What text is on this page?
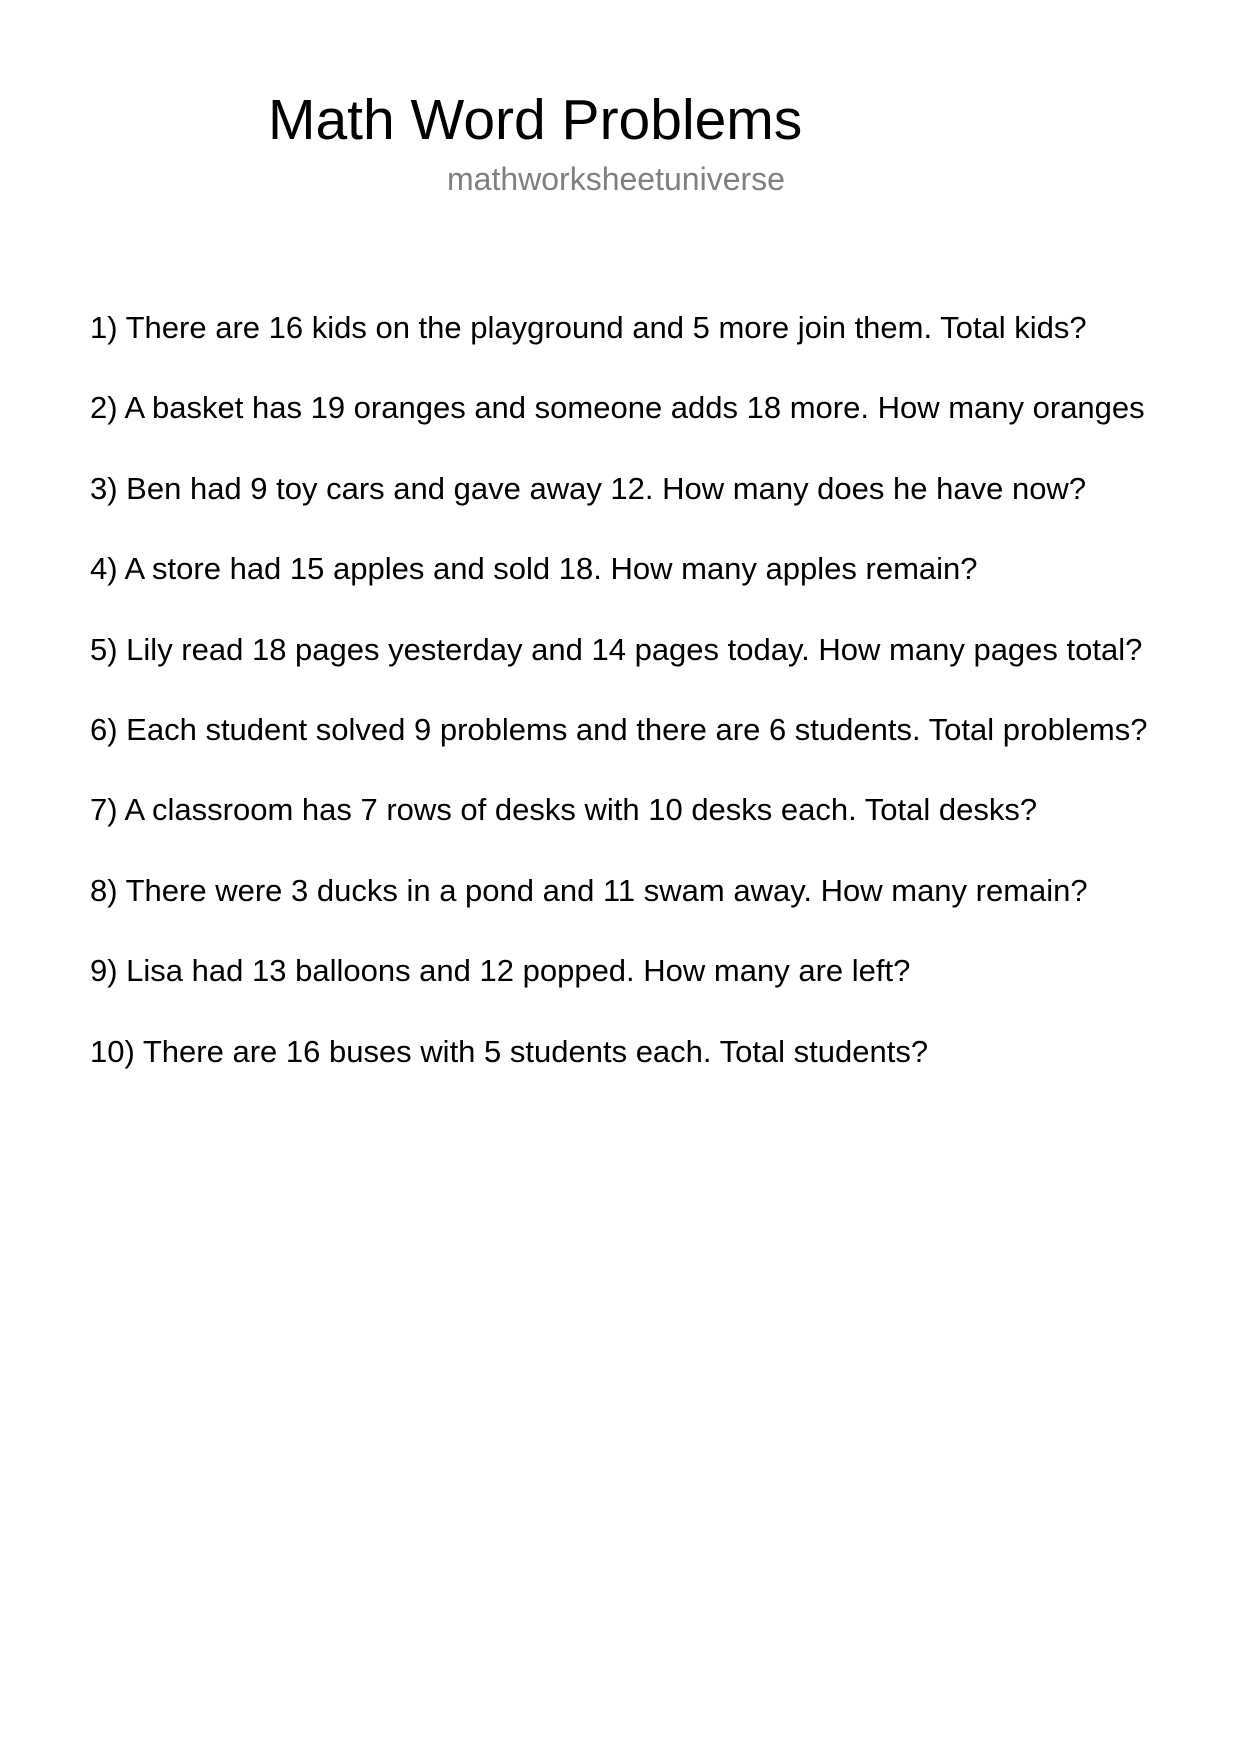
Math Word Problems
mathworksheetuniverse
1) There are 16 kids on the playground and 5 more join them. Total kids?
2) A basket has 19 oranges and someone adds 18 more. How many oranges
3) Ben had 9 toy cars and gave away 12. How many does he have now?
4) A store had 15 apples and sold 18. How many apples remain?
5) Lily read 18 pages yesterday and 14 pages today. How many pages total?
6) Each student solved 9 problems and there are 6 students. Total problems?
7) A classroom has 7 rows of desks with 10 desks each. Total desks?
8) There were 3 ducks in a pond and 11 swam away. How many remain?
9) Lisa had 13 balloons and 12 popped. How many are left?
10) There are 16 buses with 5 students each. Total students?
